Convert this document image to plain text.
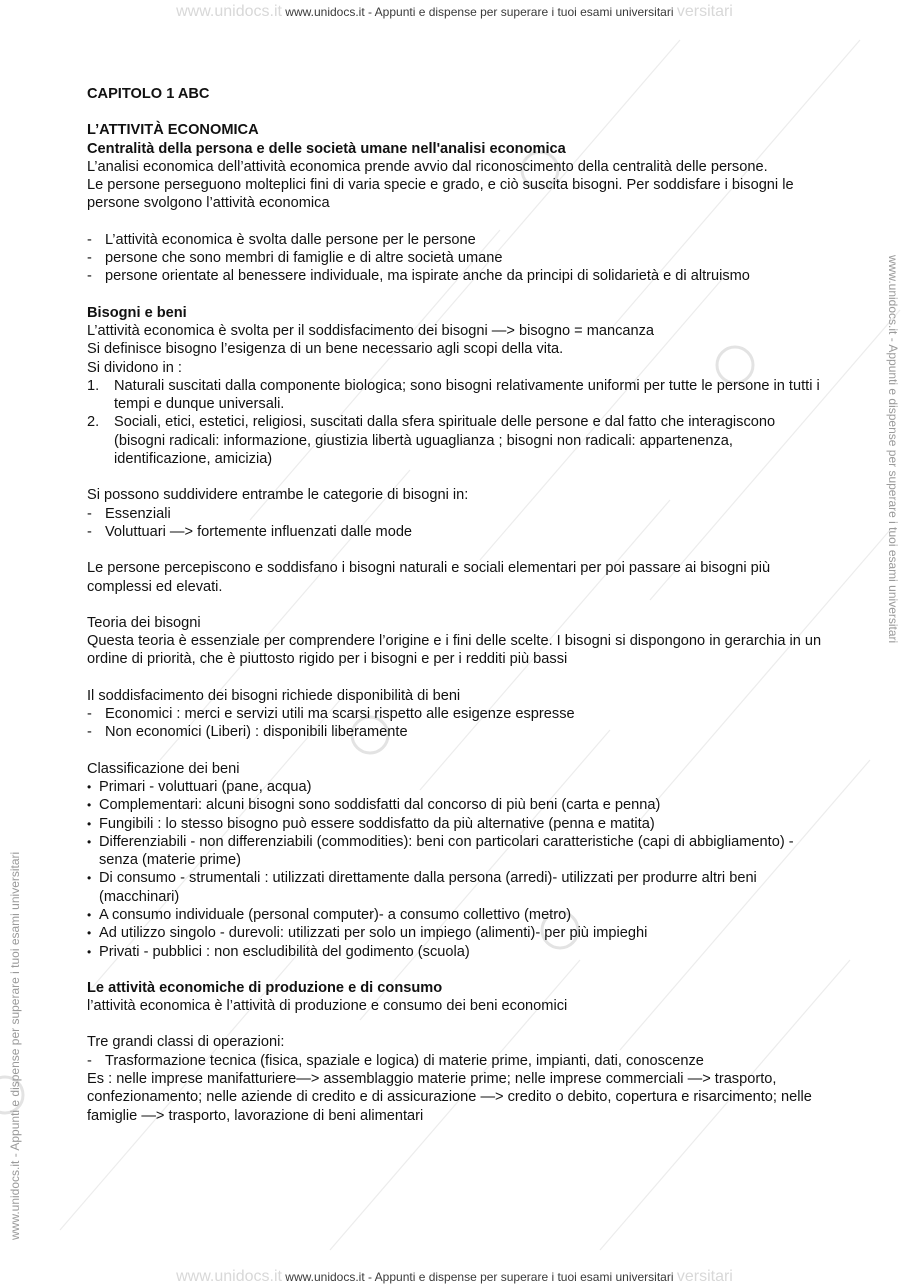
www.unidocs.it www.unidocs.it - Appunti e dispense per superare i tuoi esami universitari versitari
www.unidocs.it - Appunti e dispense per superare i tuoi esami universitari
www.unidocs.it - Appunti e dispense per superare i tuoi esami universitari

CAPITOLO 1 ABC

L’ATTIVITÀ ECONOMICA

Centralità della persona e delle società umane nell'analisi economica

L’analisi economica dell’attività economica prende avvio dal riconoscimento della centralità delle persone.

Le persone perseguono molteplici fini di varia specie e grado, e ciò suscita bisogni. Per soddisfare i bisogni le persone svolgono l’attività economica

- L’attività economica è svolta dalle persone per le persone
- persone che sono membri di famiglie e di altre società umane
- persone orientate al benessere individuale, ma ispirate anche da principi di solidarietà e di altruismo

Bisogni e beni

L’attività economica è svolta per il soddisfacimento dei bisogni —> bisogno = mancanza

Si definisce bisogno l’esigenza di un bene necessario agli scopi della vita.

Si dividono in :

1. Naturali suscitati dalla componente biologica; sono bisogni relativamente uniformi per tutte le persone in tutti i tempi e dunque universali.
2. Sociali, etici, estetici, religiosi, suscitati dalla sfera spirituale delle persone e dal fatto che interagiscono (bisogni radicali: informazione, giustizia libertà uguaglianza ; bisogni non radicali: appartenenza, identificazione, amicizia)

Si possono suddividere entrambe le categorie di bisogni in:

- Essenziali
- Voluttuari —> fortemente influenzati dalle mode

Le persone percepiscono e soddisfano i bisogni naturali e sociali elementari per poi passare ai bisogni più complessi ed elevati.

Teoria dei bisogni

Questa teoria è essenziale per comprendere l’origine e i fini delle scelte. I bisogni si dispongono in gerarchia in un ordine di priorità, che è piuttosto rigido per i bisogni e per i redditi più bassi

Il soddisfacimento dei bisogni richiede disponibilità di beni

- Economici : merci e servizi utili ma scarsi rispetto alle esigenze espresse
- Non economici (Liberi) : disponibili liberamente

Classificazione dei beni

• Primari - voluttuari (pane, acqua)
• Complementari: alcuni bisogni sono soddisfatti dal concorso di più beni (carta e penna)
• Fungibili : lo stesso bisogno può essere soddisfatto da più alternative (penna e matita)
• Differenziabili - non differenziabili (commodities): beni con particolari caratteristiche (capi di abbigliamento) - senza (materie prime)
• Di consumo - strumentali : utilizzati direttamente dalla persona (arredi)- utilizzati per produrre altri beni (macchinari)
• A consumo individuale (personal computer)- a consumo collettivo (metro)
• Ad utilizzo singolo - durevoli: utilizzati per solo un impiego (alimenti)- per più impieghi
• Privati - pubblici : non escludibilità del godimento (scuola)

Le attività economiche di produzione e di consumo

l’attività economica è l’attività di produzione e consumo dei beni economici

Tre grandi classi di operazioni:

- Trasformazione tecnica (fisica, spaziale e logica) di materie prime, impianti, dati, conoscenze

Es : nelle imprese manifatturiere—> assemblaggio materie prime; nelle imprese commerciali —> trasporto, confezionamento; nelle aziende di credito e di assicurazione —> credito o debito, copertura e risarcimento; nelle famiglie —> trasporto, lavorazione di beni alimentari

www.unidocs.it www.unidocs.it - Appunti e dispense per superare i tuoi esami universitari versitari
